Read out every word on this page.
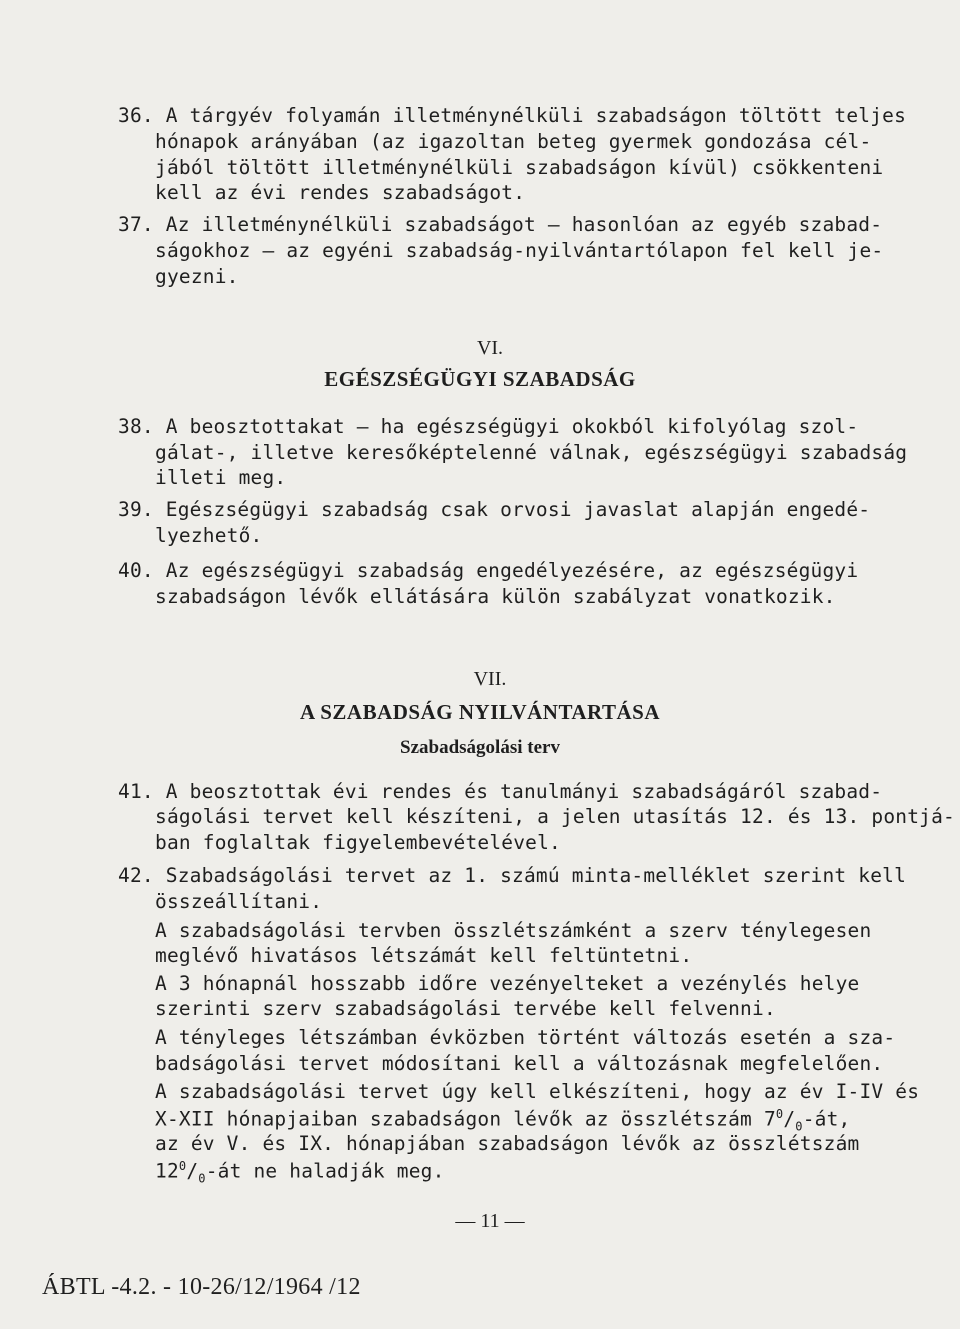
36. A tárgyév folyamán illetménynélküli szabadságon töltött teljes
hónapok arányában (az igazoltan beteg gyermek gondozása cél-
jából töltött illetménynélküli szabadságon kívül) csökkenteni
kell az évi rendes szabadságot.
37. Az illetménynélküli szabadságot — hasonlóan az egyéb szabad-
ságokhoz — az egyéni szabadság-nyilvántartólapon fel kell je-
gyezni.
VI.
EGÉSZSÉGÜGYI SZABADSÁG
38. A beosztottakat — ha egészségügyi okokból kifolyólag szol-
gálat-, illetve keresőképtelenné válnak, egészségügyi szabadság
illeti meg.
39. Egészségügyi szabadság csak orvosi javaslat alapján engedé-
lyezhető.
40. Az egészségügyi szabadság engedélyezésére, az egészségügyi
szabadságon lévők ellátására külön szabályzat vonatkozik.
VII.
A SZABADSÁG NYILVÁNTARTÁSA
Szabadságolási terv
41. A beosztottak évi rendes és tanulmányi szabadságáról szabad-
ságolási tervet kell készíteni, a jelen utasítás 12. és 13. pontjá-
ban foglaltak figyelembevételével.
42. Szabadságolási tervet az 1. számú minta-melléklet szerint kell
összeállítani.
A szabadságolási tervben összlétszámként a szerv ténylegesen
meglévő hivatásos létszámát kell feltüntetni.
A 3 hónapnál hosszabb időre vezényelteket a vezénylés helye
szerinti szerv szabadságolási tervébe kell felvenni.
A tényleges létszámban évközben történt változás esetén a sza-
badságolási tervet módosítani kell a változásnak megfelelően.
A szabadságolási tervet úgy kell elkészíteni, hogy az év I-IV és
X-XII hónapjaiban szabadságon lévők az összlétszám $7^0/_0-át$,
az év V. és IX. hónapjában szabadságon lévők az összlétszám
$12^0/_0-át$ ne haladják meg.
— 11 —
ÁBTL -4.2. - 10-26/12/1964 /12
